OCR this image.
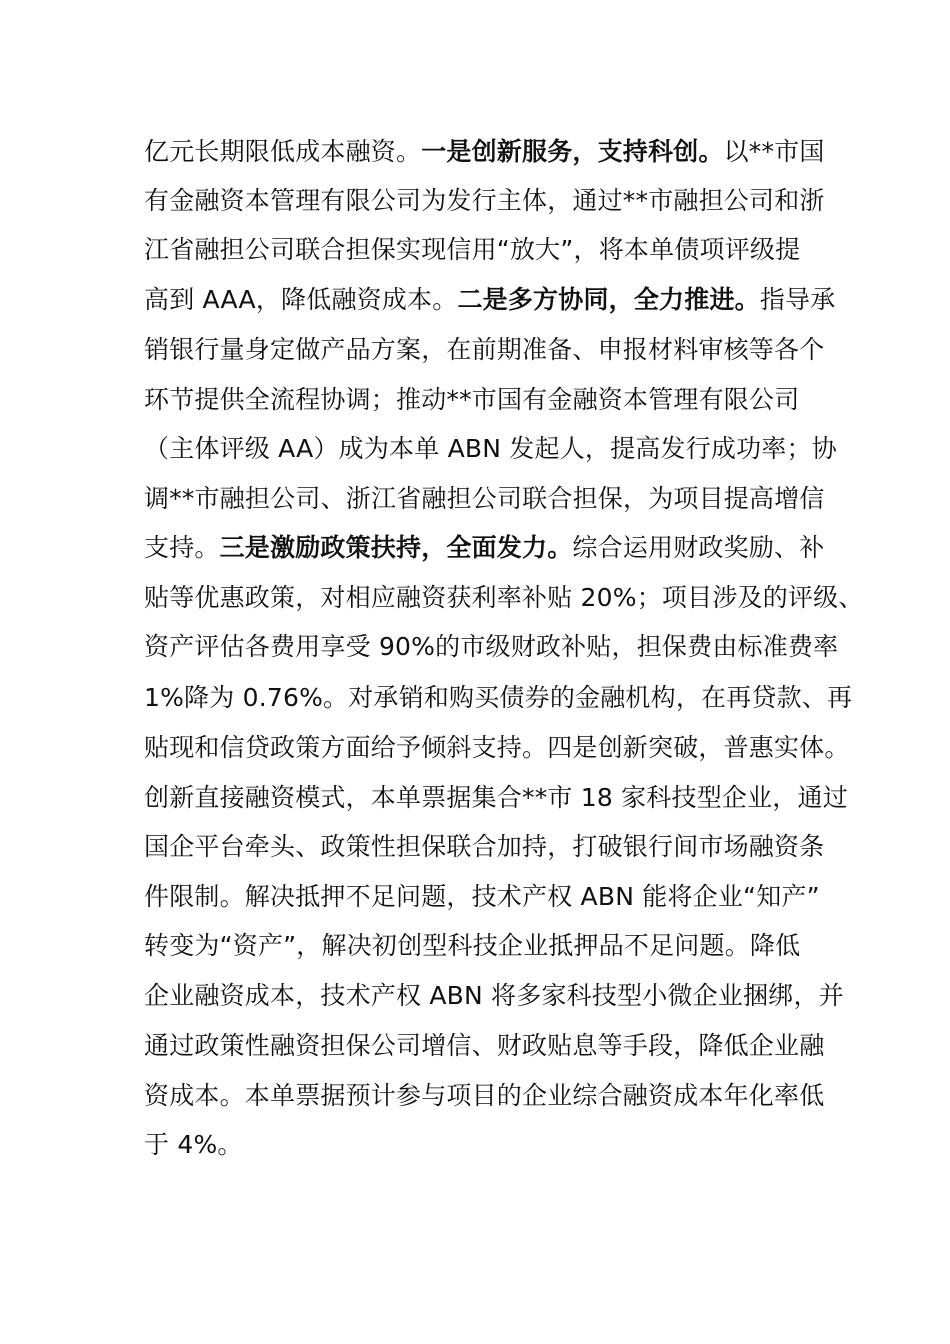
亿元长期限低成本融资。一是创新服务，支持科创。以**市国
有金融资本管理有限公司为发行主体，通过**市融担公司和浙
江省融担公司联合担保实现信用“放大”，将本单债项评级提
高到 AAA，降低融资成本。二是多方协同，全力推进。指导承
销银行量身定做产品方案，在前期准备、申报材料审核等各个
环节提供全流程协调；推动**市国有金融资本管理有限公司
（主体评级 AA）成为本单 ABN 发起人，提高发行成功率；协
调**市融担公司、浙江省融担公司联合担保，为项目提高增信
支持。三是激励政策扶持，全面发力。综合运用财政奖励、补
贴等优惠政策，对相应融资获利率补贴 20%；项目涉及的评级、
资产评估各费用享受 90%的市级财政补贴，担保费由标准费率
1%降为 0.76%。对承销和购买债券的金融机构，在再贷款、再
贴现和信贷政策方面给予倾斜支持。四是创新突破，普惠实体。
创新直接融资模式，本单票据集合**市 18 家科技型企业，通过
国企平台牵头、政策性担保联合加持，打破银行间市场融资条
件限制。解决抵押不足问题，技术产权 ABN 能将企业“知产”
转变为“资产”，解决初创型科技企业抵押品不足问题。降低
企业融资成本，技术产权 ABN 将多家科技型小微企业捆绑，并
通过政策性融资担保公司增信、财政贴息等手段，降低企业融
资成本。本单票据预计参与项目的企业综合融资成本年化率低
于 4%。
